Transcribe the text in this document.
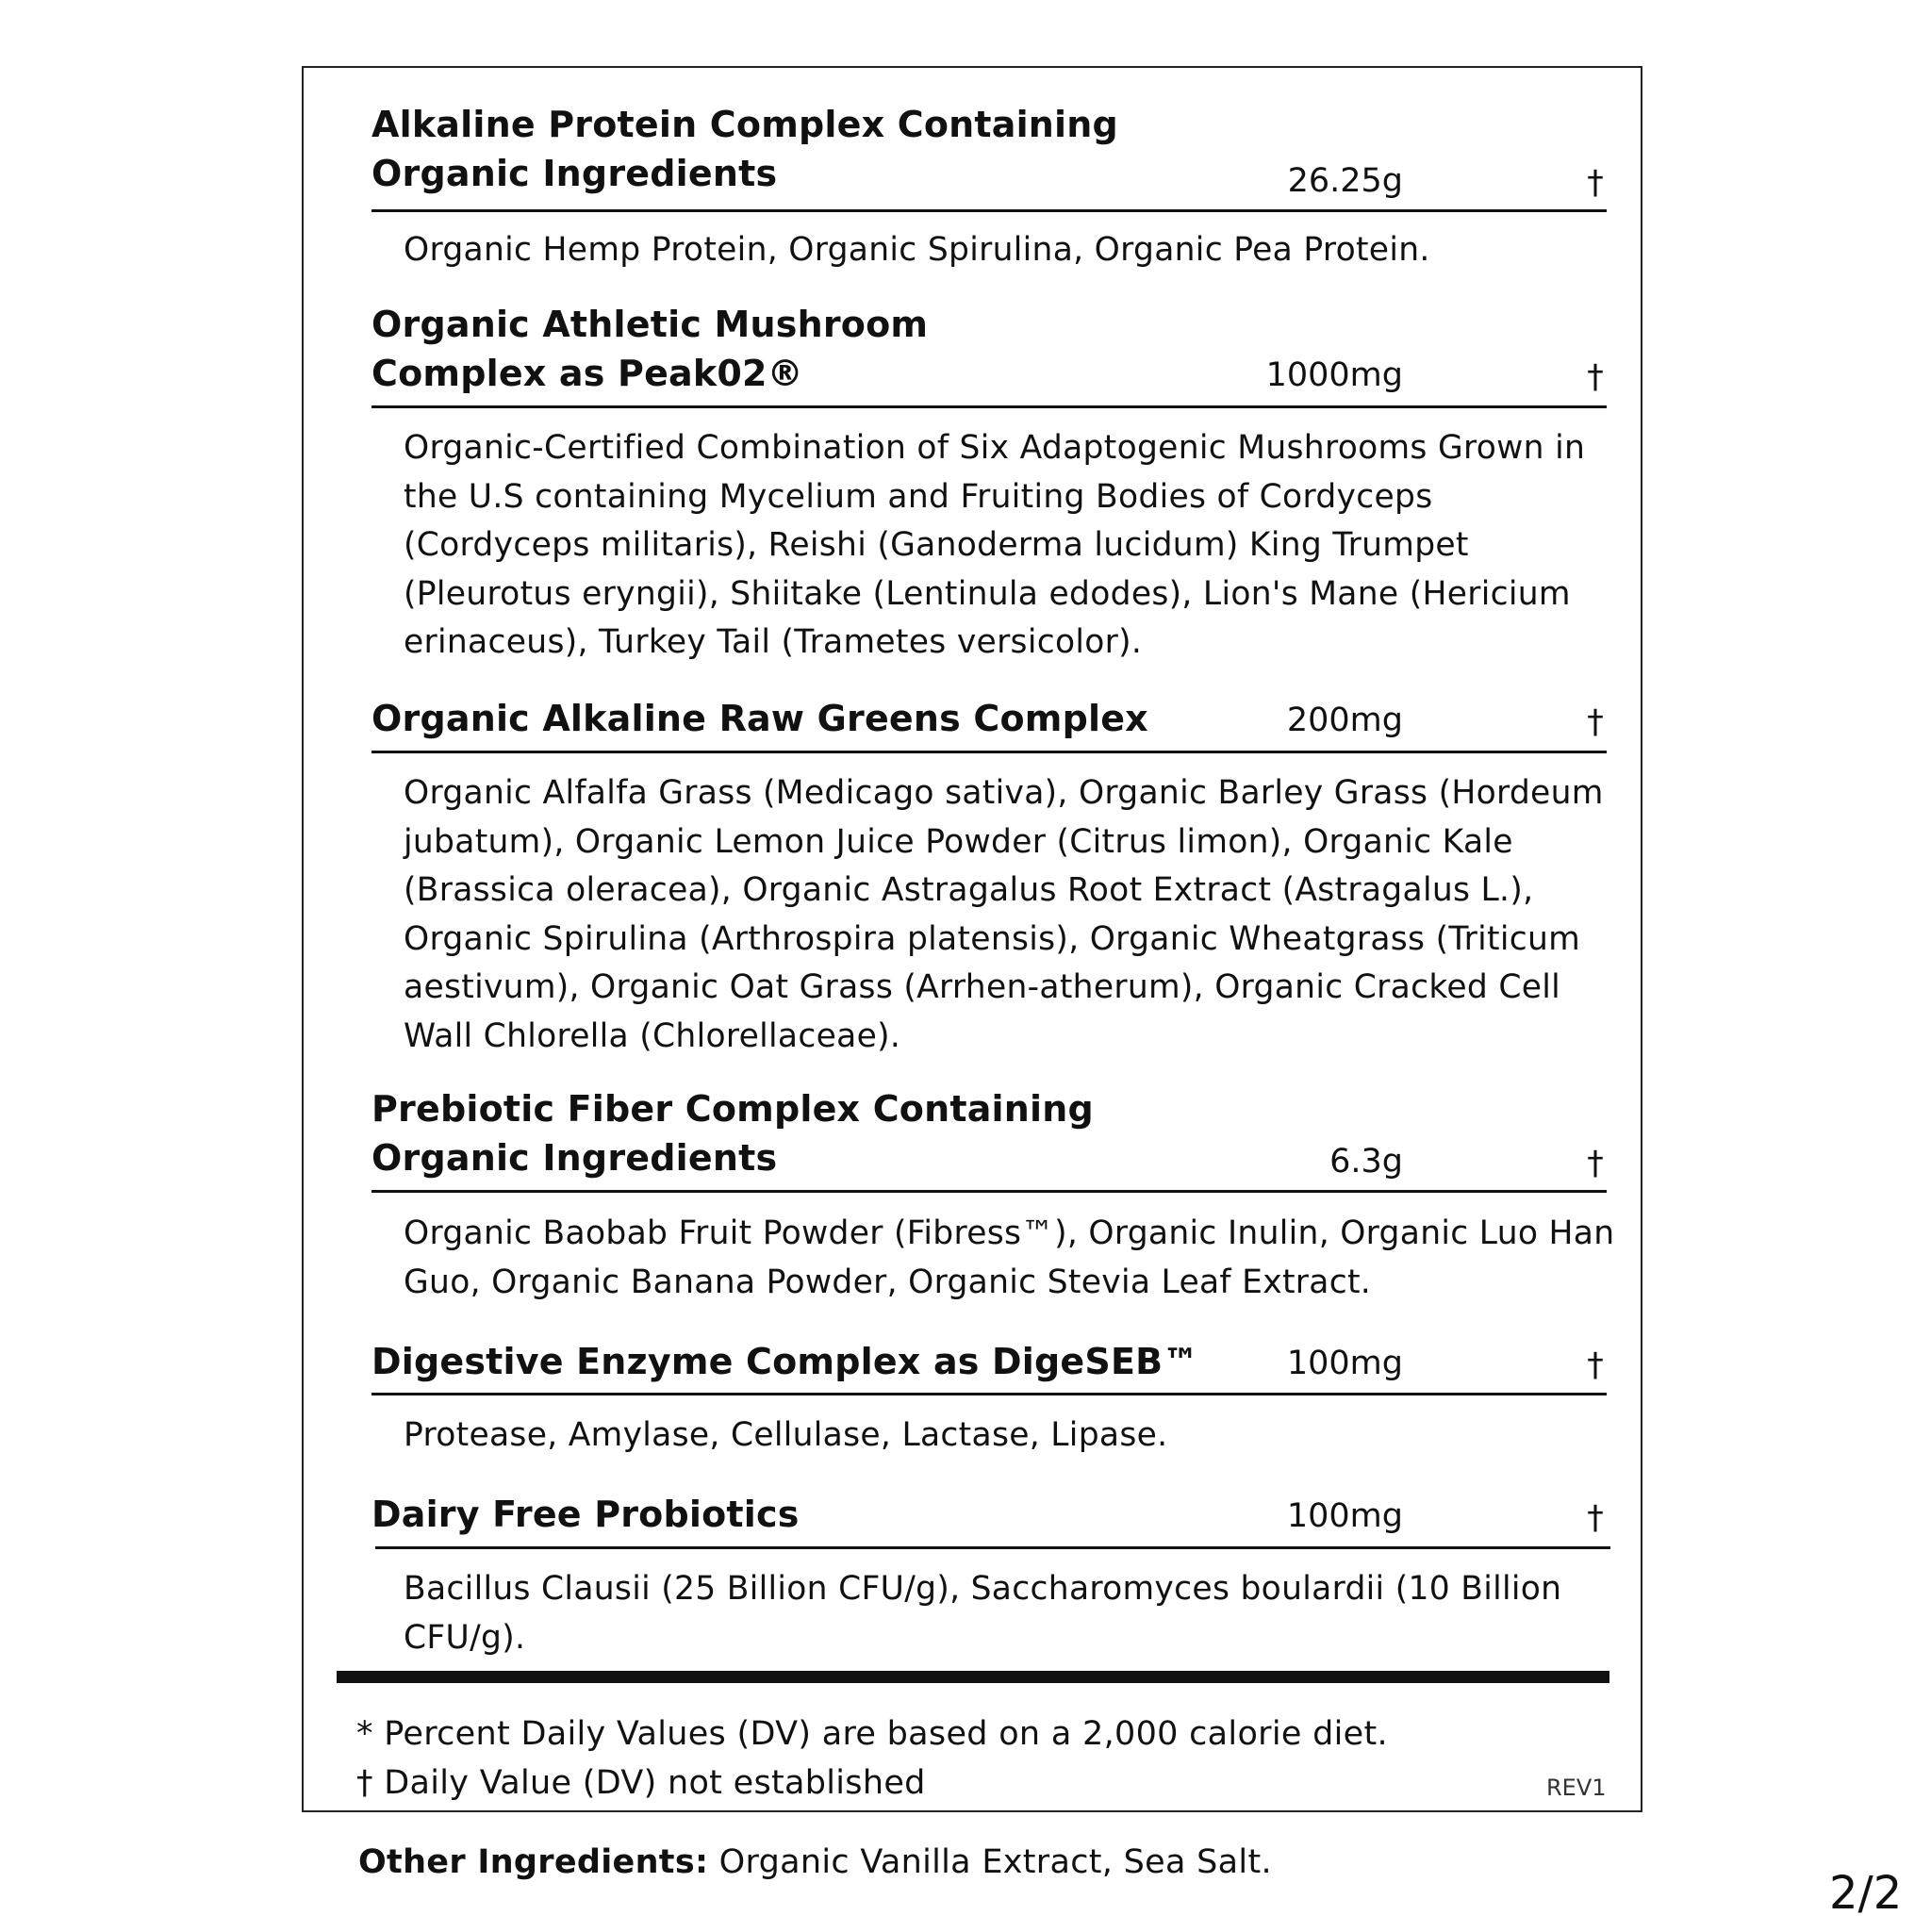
Alkaline Protein Complex Containing
Organic Ingredients	26.25g	†
Organic Hemp Protein, Organic Spirulina, Organic Pea Protein.
Organic Athletic Mushroom
Complex as Peak02®	1000mg	†
Organic-Certified Combination of Six Adaptogenic Mushrooms Grown in the U.S containing Mycelium and Fruiting Bodies of Cordyceps (Cordyceps militaris), Reishi (Ganoderma lucidum) King Trumpet (Pleurotus eryngii), Shiitake (Lentinula edodes), Lion's Mane (Hericium erinaceus), Turkey Tail (Trametes versicolor).
Organic Alkaline Raw Greens Complex	200mg	†
Organic Alfalfa Grass (Medicago sativa), Organic Barley Grass (Hordeum jubatum), Organic Lemon Juice Powder (Citrus limon), Organic Kale (Brassica oleracea), Organic Astragalus Root Extract (Astragalus L.), Organic Spirulina (Arthrospira platensis), Organic Wheatgrass (Triticum aestivum), Organic Oat Grass (Arrhen-atherum), Organic Cracked Cell Wall Chlorella (Chlorellaceae).
Prebiotic Fiber Complex Containing
Organic Ingredients	6.3g	†
Organic Baobab Fruit Powder (Fibress™), Organic Inulin, Organic Luo Han Guo, Organic Banana Powder, Organic Stevia Leaf Extract.
Digestive Enzyme Complex as DigeSEB™	100mg	†
Protease, Amylase, Cellulase, Lactase, Lipase.
Dairy Free Probiotics	100mg	†
Bacillus Clausii (25 Billion CFU/g), Saccharomyces boulardii (10 Billion CFU/g).
* Percent Daily Values (DV) are based on a 2,000 calorie diet.
† Daily Value (DV) not established	REV1
Other Ingredients: Organic Vanilla Extract, Sea Salt.
2/2
